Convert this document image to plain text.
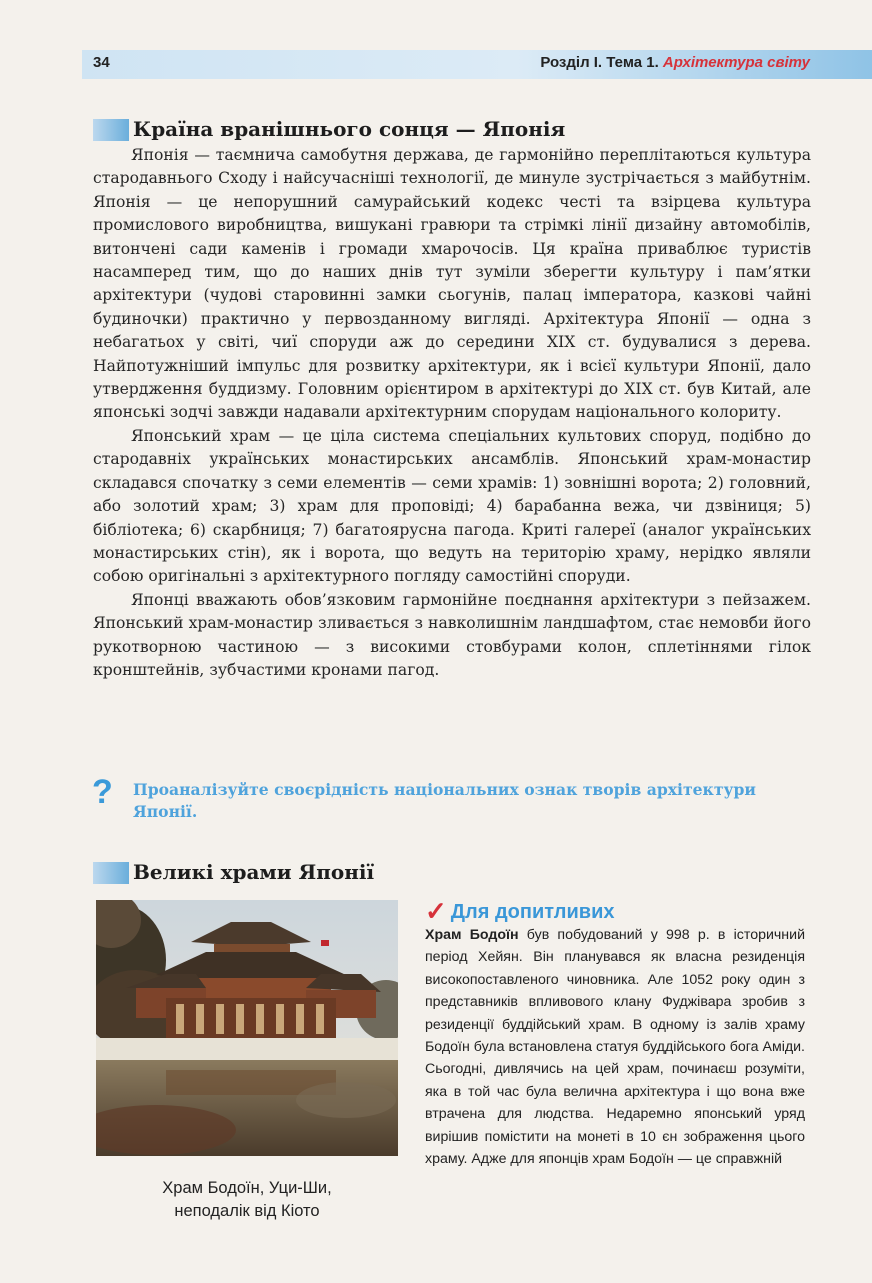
34	Розділ I. Тема 1. Архітектура світу
Країна вранішнього сонця — Японія

Японія — таємнича самобутня держава, де гармонійно переплітаються культура стародавнього Сходу і найсучасніші технології, де минуле зустрічається з майбутнім. Японія — це непорушний самурайський кодекс честі та взірцева культура промислового виробництва, вишукані гравюри та стрімкі лінії дизайну автомобілів, витончені сади каменів і громади хмарочосів. Ця країна приваблює туристів насамперед тим, що до наших днів тут зуміли зберегти культуру і пам’ятки архітектури (чудові старовинні замки сьогунів, палац імператора, казкові чайні будиночки) практично у первозданному вигляді. Архітектура Японії — одна з небагатьох у світі, чиї споруди аж до середини XIX ст. будувалися з дерева. Найпотужніший імпульс для розвитку архітектури, як і всієї культури Японії, дало утвердження буддизму. Головним орієнтиром в архітектурі до XIX ст. був Китай, але японські зодчі завжди надавали архітектурним спорудам національного колориту.

Японський храм — це ціла система спеціальних культових споруд, подібно до стародавніх українських монастирських ансамблів. Японський храм-монастир складався спочатку з семи елементів — семи храмів: 1) зовнішні ворота; 2) головний, або золотий храм; 3) храм для проповіді; 4) барабанна вежа, чи дзвіниця; 5) бібліотека; 6) скарбниця; 7) багатоярусна пагода. Криті галереї (аналог українських монастирських стін), як і ворота, що ведуть на територію храму, нерідко являли собою оригінальні з архітектурного погляду самостійні споруди.

Японці вважають обов’язковим гармонійне поєднання архітектури з пейзажем. Японський храм-монастир зливається з навколишнім ландшафтом, стає немовби його рукотворною частиною — з високими стовбурами колон, сплетіннями гілок кронштейнів, зубчастими кронами пагод.

? Проаналізуйте своєрідність національних ознак творів архітектури Японії.

Великі храми Японії
Храм Бодоїн, Уци-Ши,
неподалік від Кіото
✓ Для допитливих

Храм Бодоїн був побудований у 998 р. в історичний період Хейян. Він планувався як власна резиденція високопоставленого чиновника. Але 1052 року один з представників впливового клану Фуджівара зробив з резиденції буддійський храм. В одному із залів храму Бодоїн була встановлена статуя буддійського бога Аміди. Сьогодні, дивлячись на цей храм, починаєш розуміти, яка в той час була велична архітектура і що вона вже втрачена для людства. Недаремно японський уряд вирішив помістити на монеті в 10 єн зображення цього храму. Адже для японців храм Бодоїн — це справжній
